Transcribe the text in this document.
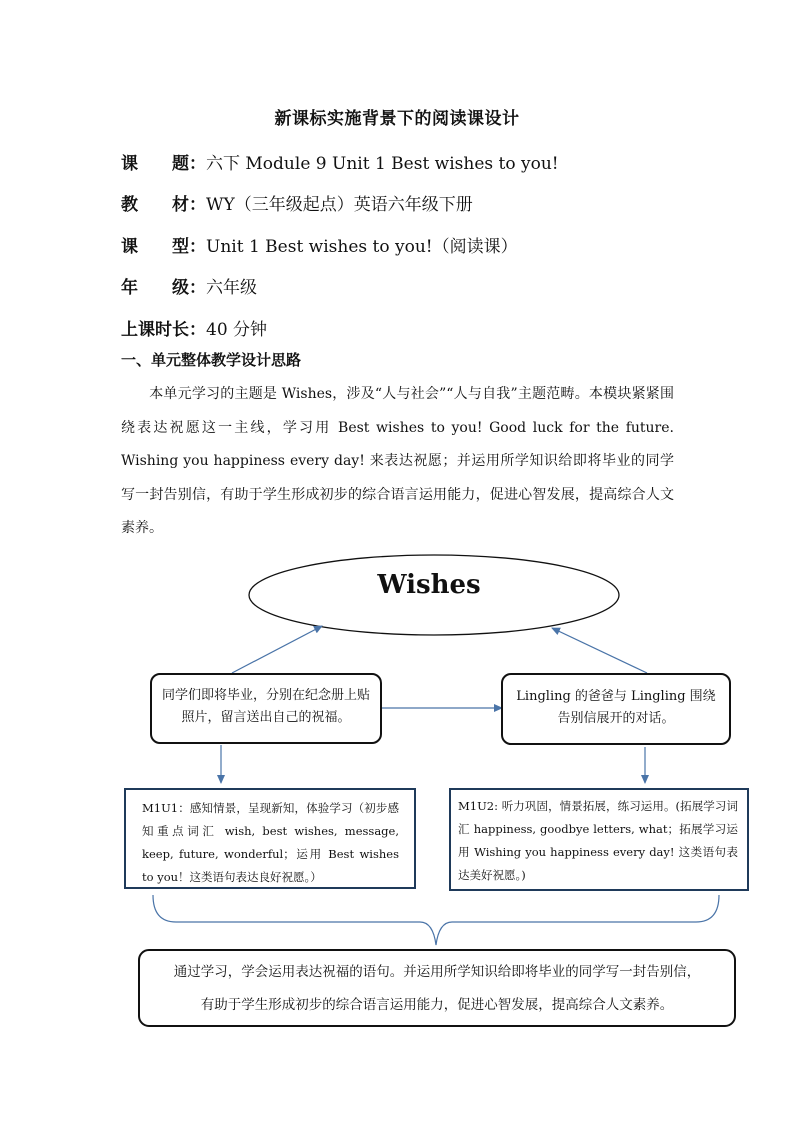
新课标实施背景下的阅读课设计
课　　题：六下 Module 9 Unit 1 Best wishes to you!
教　　材：WY（三年级起点）英语六年级下册
课　　型：Unit 1 Best wishes to you!（阅读课）
年　　级：六年级
上课时长：40 分钟
一、单元整体教学设计思路
本单元学习的主题是 Wishes，涉及“人与社会”“人与自我”主题范畴。本模块紧紧围绕表达祝愿这一主线，学习用 Best wishes to you! Good luck for the future. Wishing you happiness every day! 来表达祝愿；并运用所学知识给即将毕业的同学写一封告别信，有助于学生形成初步的综合语言运用能力，促进心智发展，提高综合人文素养。
Wishes
同学们即将毕业，分别在纪念册上贴照片，留言送出自己的祝福。
Lingling 的爸爸与 Lingling 围绕告别信展开的对话。
M1U1：感知情景，呈现新知，体验学习（初步感知重点词汇 wish, best wishes, message, keep, future, wonderful；运用 Best wishes to you！这类语句表达良好祝愿。）
M1U2: 听力巩固，情景拓展，练习运用。(拓展学习词汇 happiness, goodbye letters, what；拓展学习运用 Wishing you happiness every day! 这类语句表达美好祝愿。)
通过学习，学会运用表达祝福的语句。并运用所学知识给即将毕业的同学写一封告别信，
有助于学生形成初步的综合语言运用能力，促进心智发展，提高综合人文素养。
